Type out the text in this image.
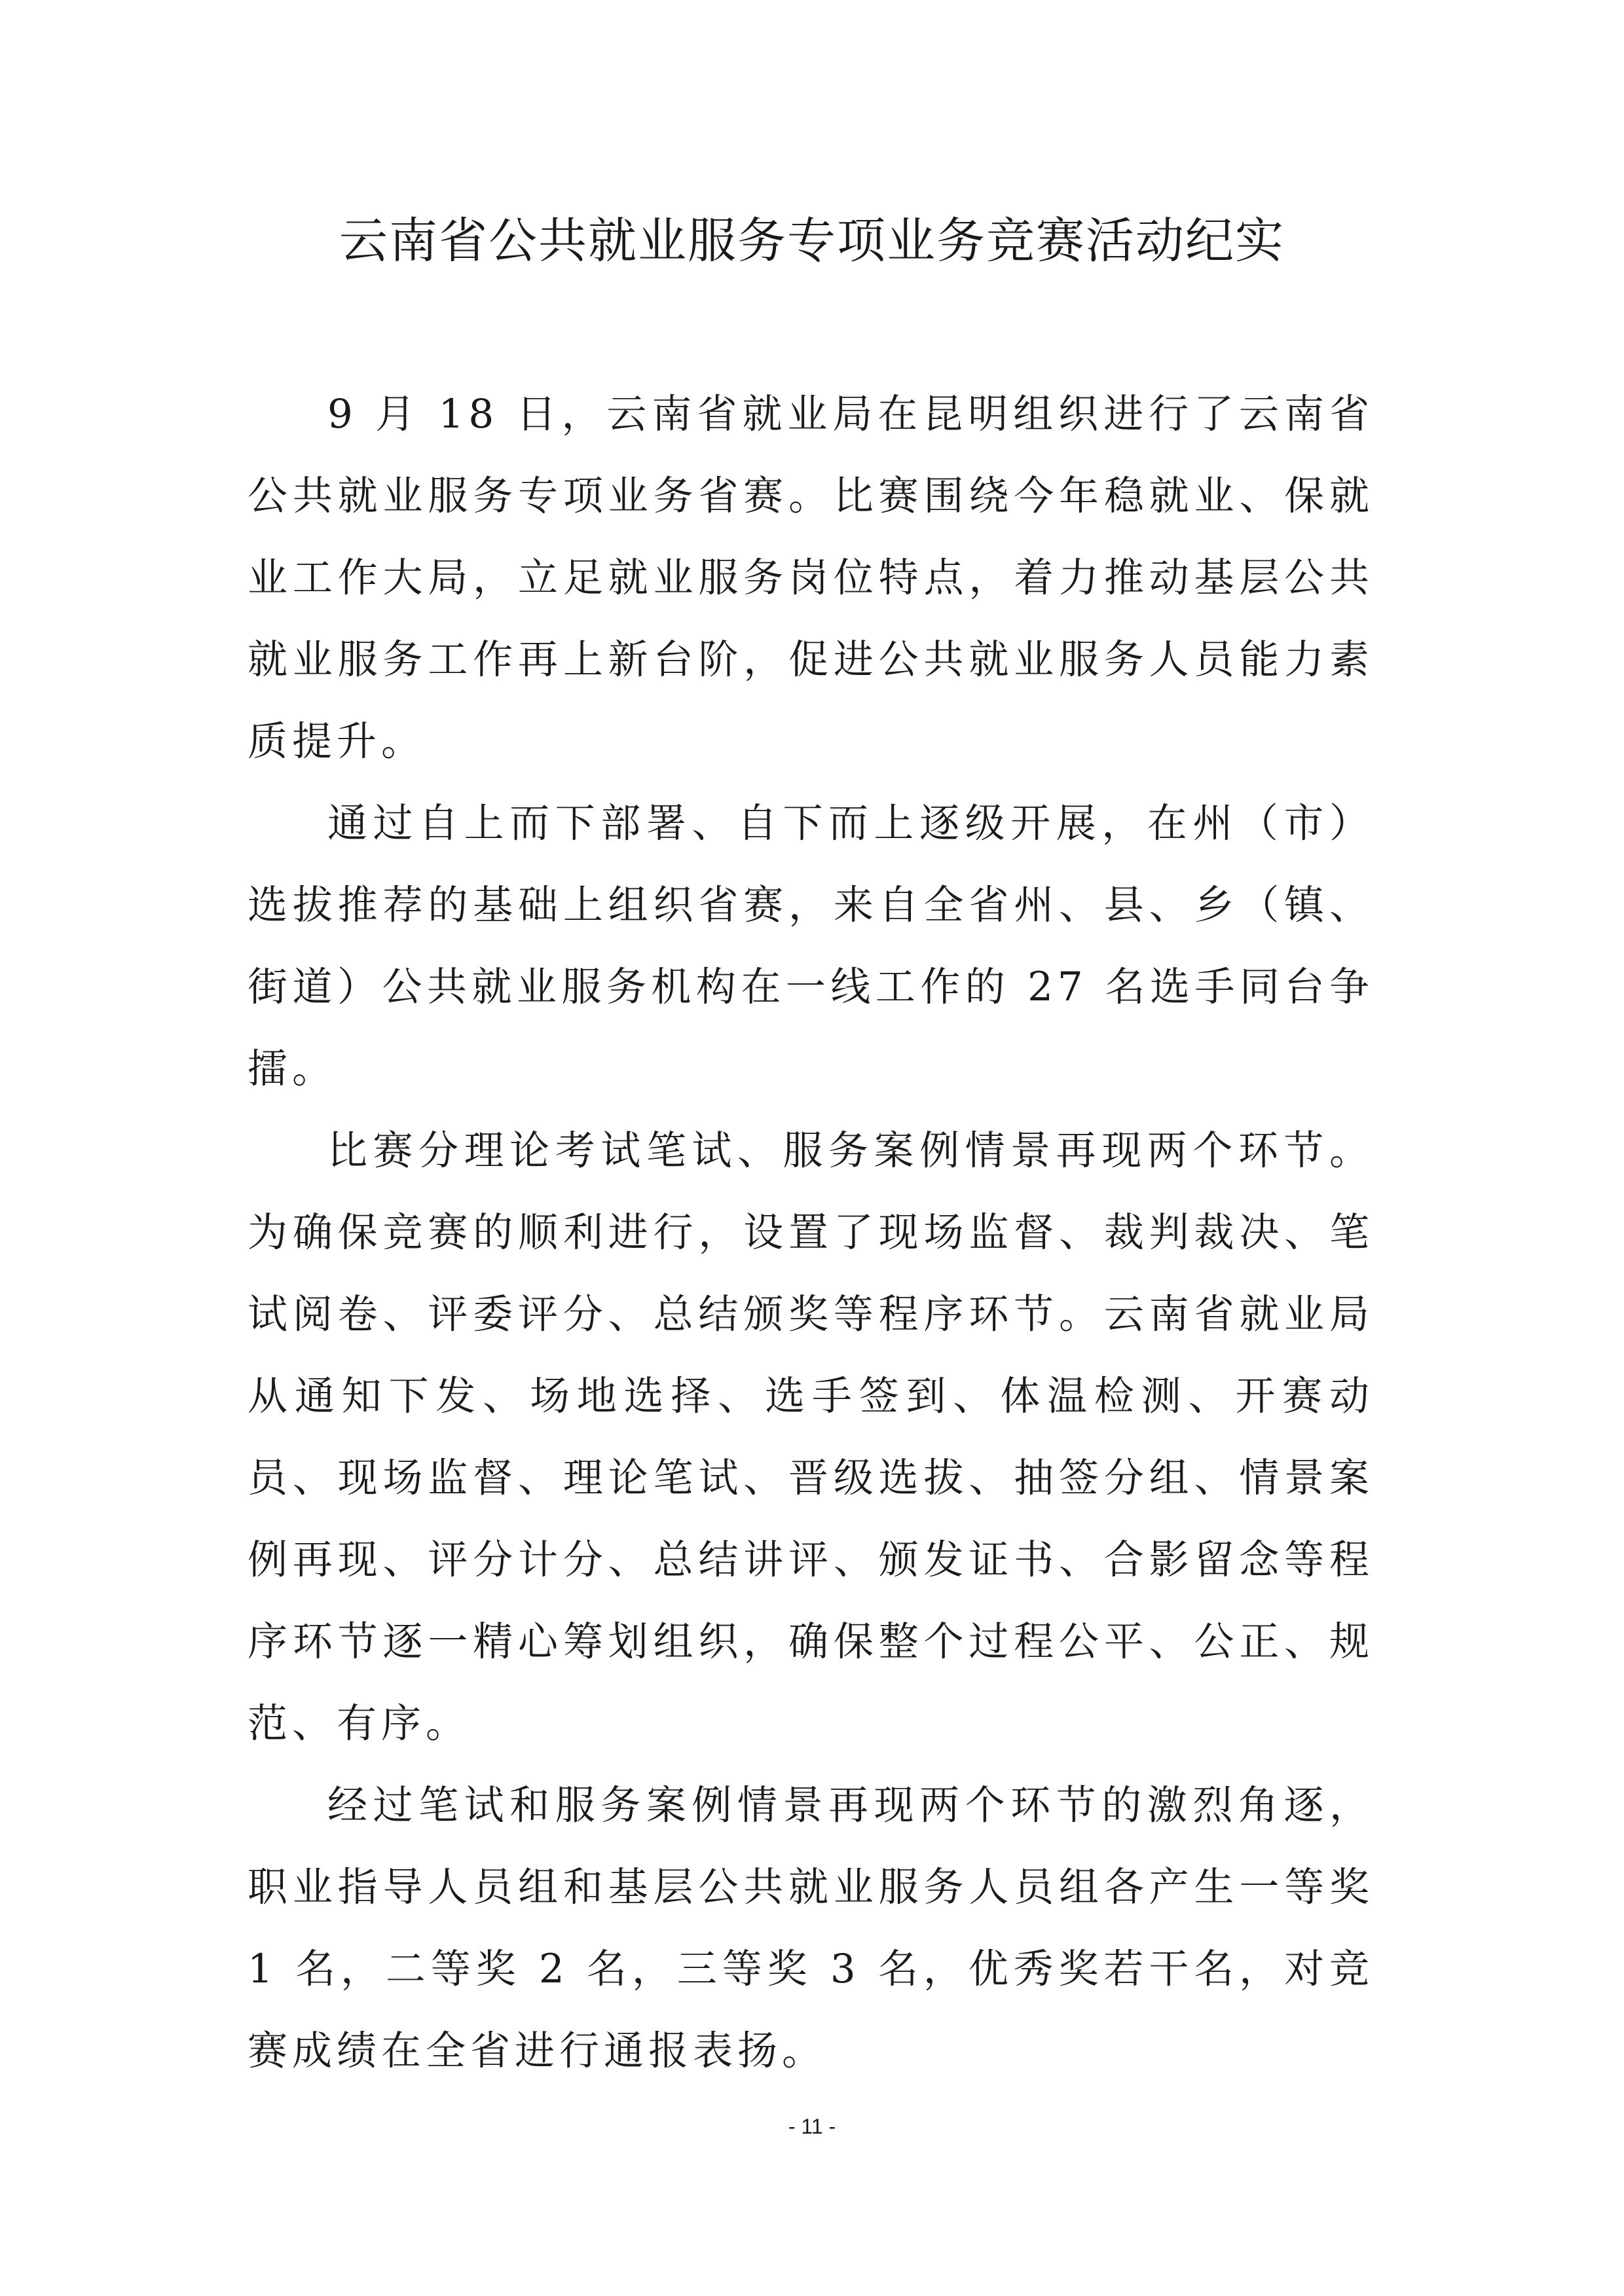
云南省公共就业服务专项业务竞赛活动纪实

9 月 18 日，云南省就业局在昆明组织进行了云南省公共就业服务专项业务省赛。比赛围绕今年稳就业、保就业工作大局，立足就业服务岗位特点，着力推动基层公共就业服务工作再上新台阶，促进公共就业服务人员能力素质提升。

通过自上而下部署、自下而上逐级开展，在州（市）选拔推荐的基础上组织省赛，来自全省州、县、乡（镇、街道）公共就业服务机构在一线工作的 27 名选手同台争擂。

比赛分理论考试笔试、服务案例情景再现两个环节。为确保竞赛的顺利进行，设置了现场监督、裁判裁决、笔试阅卷、评委评分、总结颁奖等程序环节。云南省就业局从通知下发、场地选择、选手签到、体温检测、开赛动员、现场监督、理论笔试、晋级选拔、抽签分组、情景案例再现、评分计分、总结讲评、颁发证书、合影留念等程序环节逐一精心筹划组织，确保整个过程公平、公正、规范、有序。

经过笔试和服务案例情景再现两个环节的激烈角逐，职业指导人员组和基层公共就业服务人员组各产生一等奖 1 名，二等奖 2 名，三等奖 3 名，优秀奖若干名，对竞赛成绩在全省进行通报表扬。

- 11 -
